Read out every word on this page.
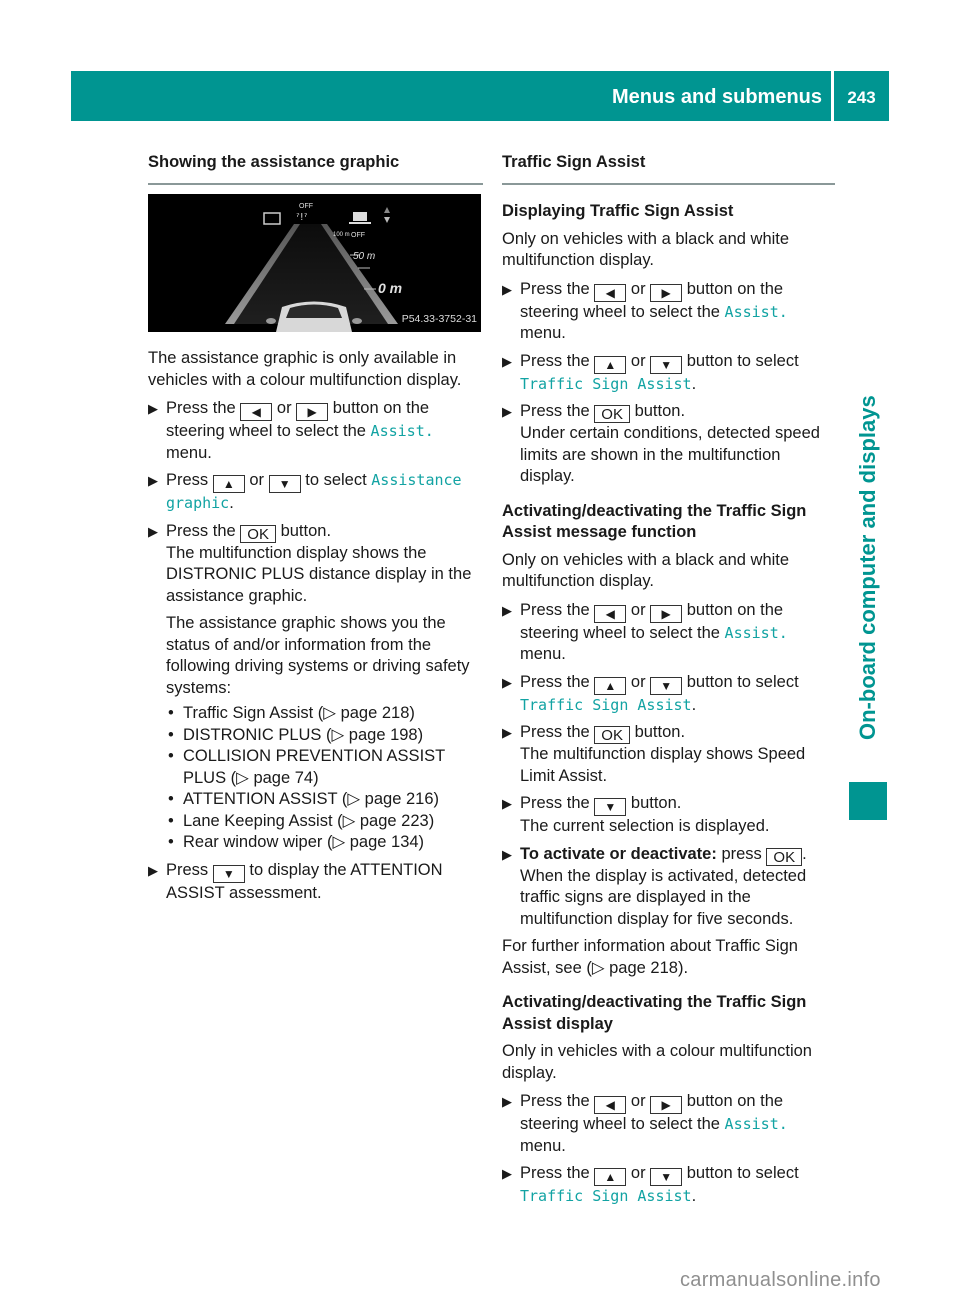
Menus and submenus	243
On-board computer and displays
Showing the assistance graphic
ˀ!ˀ
OFF
100 m OFF
50 m
0 m
P54.33-3752-31

The assistance graphic is only available in vehicles with a colour multifunction display.

▶ Press the ◀ or ▶ button on the steering wheel to select the Assist. menu.
▶ Press ▲ or ▼ to select Assistance graphic.
▶ Press the OK button.
The multifunction display shows the DISTRONIC PLUS distance display in the assistance graphic.
The assistance graphic shows you the status of and/or information from the following driving systems or driving safety systems:
• Traffic Sign Assist (▷ page 218)
• DISTRONIC PLUS (▷ page 198)
• COLLISION PREVENTION ASSIST PLUS (▷ page 74)
• ATTENTION ASSIST (▷ page 216)
• Lane Keeping Assist (▷ page 223)
• Rear window wiper (▷ page 134)
▶ Press ▼ to display the ATTENTION ASSIST assessment.
Traffic Sign Assist
Displaying Traffic Sign Assist

Only on vehicles with a black and white multifunction display.

▶ Press the ◀ or ▶ button on the steering wheel to select the Assist. menu.
▶ Press the ▲ or ▼ button to select Traffic Sign Assist.
▶ Press the OK button.
Under certain conditions, detected speed limits are shown in the multifunction display.
Activating/deactivating the Traffic Sign Assist message function

Only on vehicles with a black and white multifunction display.

▶ Press the ◀ or ▶ button on the steering wheel to select the Assist. menu.
▶ Press the ▲ or ▼ button to select Traffic Sign Assist.
▶ Press the OK button.
The multifunction display shows Speed Limit Assist.
▶ Press the ▼ button.
The current selection is displayed.
▶ To activate or deactivate: press OK .
When the display is activated, detected traffic signs are displayed in the multifunction display for five seconds.

For further information about Traffic Sign Assist, see (▷ page 218).

Activating/deactivating the Traffic Sign Assist display

Only in vehicles with a colour multifunction display.

▶ Press the ◀ or ▶ button on the steering wheel to select the Assist. menu.
▶ Press the ▲ or ▼ button to select Traffic Sign Assist.
carmanualsonline.info
